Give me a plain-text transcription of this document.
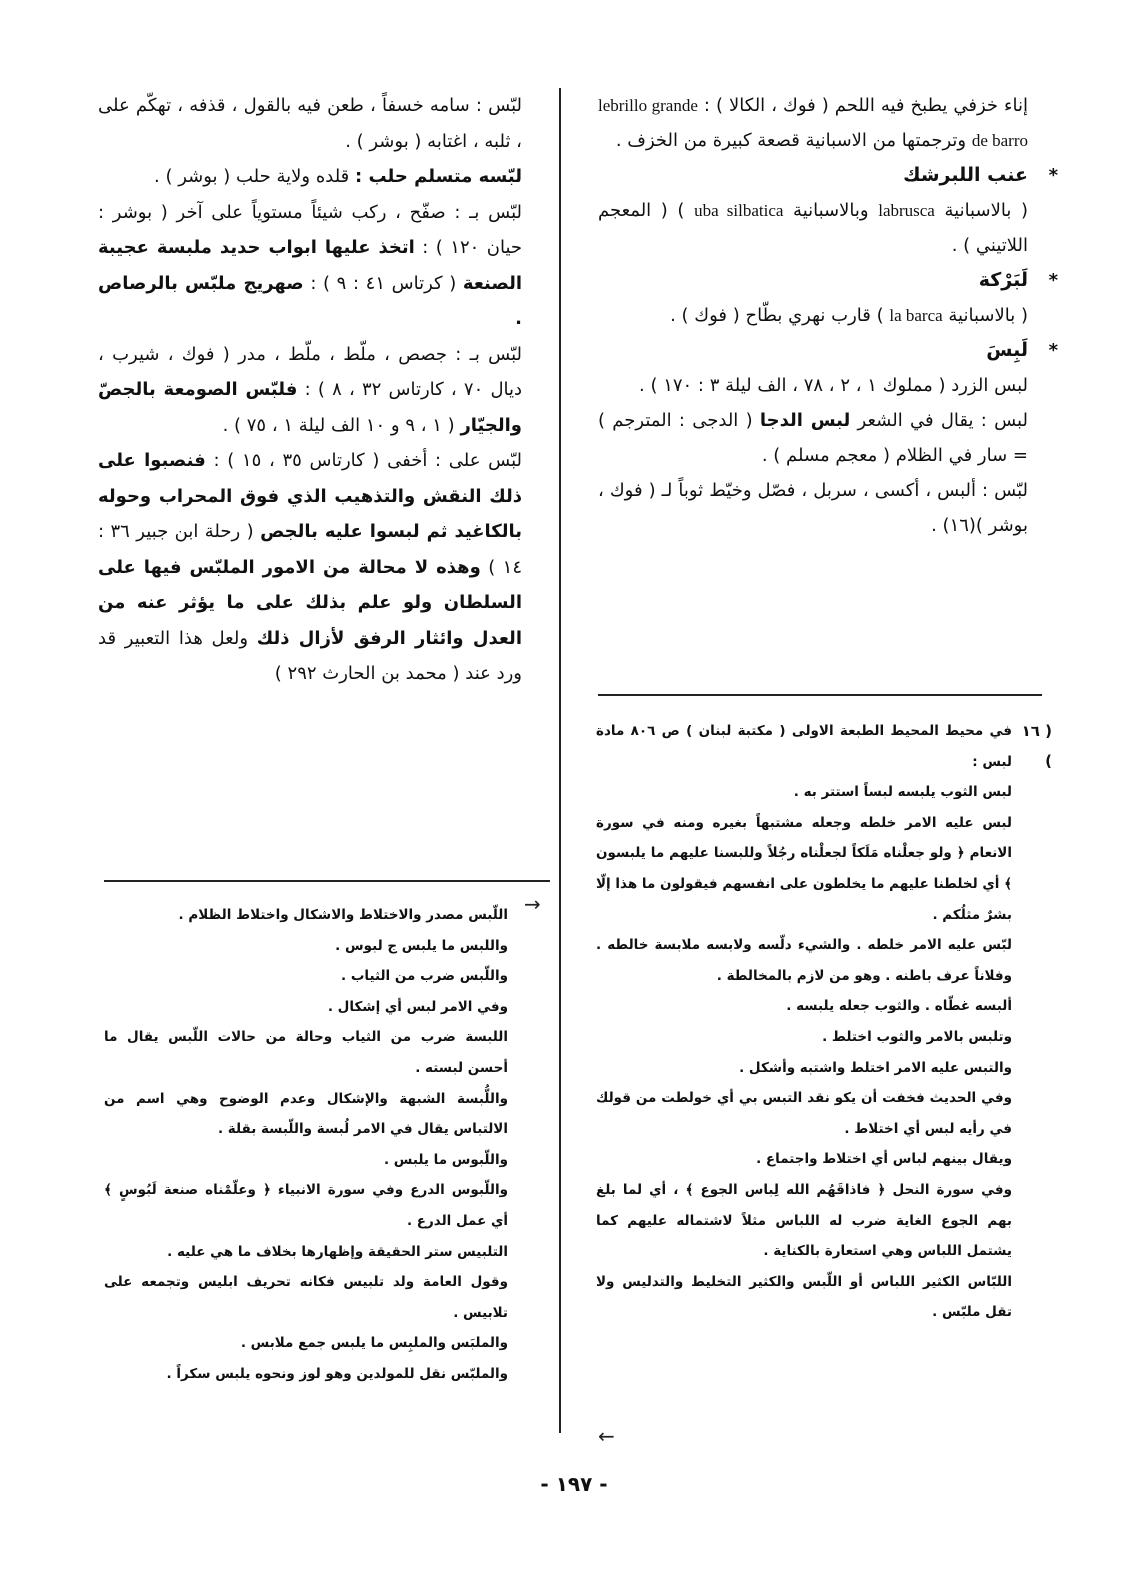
إناء خزفي يطبخ فيه اللحم ( فوك ، الكالا ) : lebrillo grande de barro وترجمتها من الاسبانية قصعة كبيرة من الخزف .

*
عنب اللبرشك

( بالاسبانية labrusca وبالاسبانية uba silbatica ) ( المعجم اللاتيني ) .

*
لَبَرْكة

( بالاسبانية la barca ) قارب نهري بطّاح ( فوك ) .

*
لَبِسَ

لبس الزرد ( مملوك ١ ، ٢ ، ٧٨ ، الف ليلة ٣ : ١٧٠ ) .

لبس : يقال في الشعر لبس الدجا ( الدجى : المترجم ) = سار في الظلام ( معجم مسلم ) .

لبّس : ألبس ، أكسى ، سربل ، فصّل وخيّط ثوباً لـ ( فوك ، بوشر )(١٦) .

لبّس : سامه خسفاً ، طعن فيه بالقول ، قذفه ، تهكّم على ، ثلبه ، اغتابه ( بوشر ) .

لبّسه متسلم حلب : قلده ولاية حلب ( بوشر ) .

لبّس بـ : صفّح ، ركب شيئاً مستوياً على آخر ( بوشر : حيان ١٢٠ ) : اتخذ عليها ابواب حديد ملبسة عجيبة الصنعة ( كرتاس ٤١ : ٩ ) : صهريج ملبّس بالرصاص .

لبّس بـ : جصص ، ملّط ، ملّط ، مدر ( فوك ، شيرب ، ديال ٧٠ ، كارتاس ٣٢ ، ٨ ) : فلبّس الصومعة بالجصّ والجيّار ( ١ ، ٩ و ١٠ الف ليلة ١ ، ٧٥ ) .

لبّس على : أخفى ( كارتاس ٣٥ ، ١٥ ) : فنصبوا على ذلك النقش والتذهيب الذي فوق المحراب وحوله بالكاغيد ثم لبسوا عليه بالجص ( رحلة ابن جبير ٣٦ : ١٤ ) وهذه لا محالة من الامور الملبّس فيها على السلطان ولو علم بذلك على ما يؤثر عنه من العدل وائثار الرفق لأزال ذلك ولعل هذا التعبير قد ورد عند ( محمد بن الحارث ٢٩٢ )

( ١٦ )

في محيط المحيط الطبعة الاولى ( مكتبة لبنان ) ص ٨٠٦ مادة لبس :

لبس الثوب يلبسه لبساً استتر به .

لبس عليه الامر خلطه وجعله مشتبهاً بغيره ومنه في سورة الانعام ﴿ ولو جعلْناه مَلَكاً لجعلْناه رجُلاً وللبسنا عليهم ما يلبسون ﴾ أي لخلطنا عليهم ما يخلطون على انفسهم فيقولون ما هذا إلّا بشرٌ مثلُكم .

لبّس عليه الامر خلطه . والشيء دلّسه ولابسه ملابسة خالطه . وفلاناً عرف باطنه . وهو من لازم بالمخالطة .

ألبسه غطّاه . والثوب جعله يلبسه .

وتلبس بالامر والثوب اختلط .

والتبس عليه الامر اختلط واشتبه وأشكل .

وفي الحديث فخفت أن يكو نقد التبس بي أي خولطت من قولك في رأيه لبس أي اختلاط .

ويقال بينهم لباس أي اختلاط واجتماع .

وفي سورة النحل ﴿ فاذاقَهُم الله لِباس الجوع ﴾ ، أي لما بلغ بهم الجوع الغاية ضرب له اللباس مثلاً لاشتماله عليهم كما يشتمل اللباس وهي استعارة بالكناية .

اللبّاس الكثير اللباس أو اللّبس والكثير التخليط والتدليس ولا تقل ملبّس .

اللّبس مصدر والاختلاط والاشكال واختلاط الظلام .

واللبس ما يلبس ج لبوس .

واللّبس ضرب من الثياب .

وفي الامر لبس أي إشكال .

اللبسة ضرب من الثياب وحالة من حالات اللّبس يقال ما أحسن لبسته .

واللُّبسة الشبهة والإشكال وعدم الوضوح وهي اسم من الالتباس يقال في الامر لُبسة واللّبسة بقلة .

واللّبوس ما يلبس .

واللّبوس الدرع وفي سورة الانبياء ﴿ وعلّمْناه صنعة لَبُوسٍ ﴾ أي عمل الدرع .

التلبيس ستر الحقيقة وإظهارها بخلاف ما هي عليه .

وقول العامة ولد تلبيس فكانه تحريف ابليس وتجمعه على تلابيس .

والملبَس والملبِس ما يلبس جمع ملابس .

والملبّس نقل للمولدين وهو لوز ونحوه يلبس سكراً .

→
←
- ١٩٧ -
